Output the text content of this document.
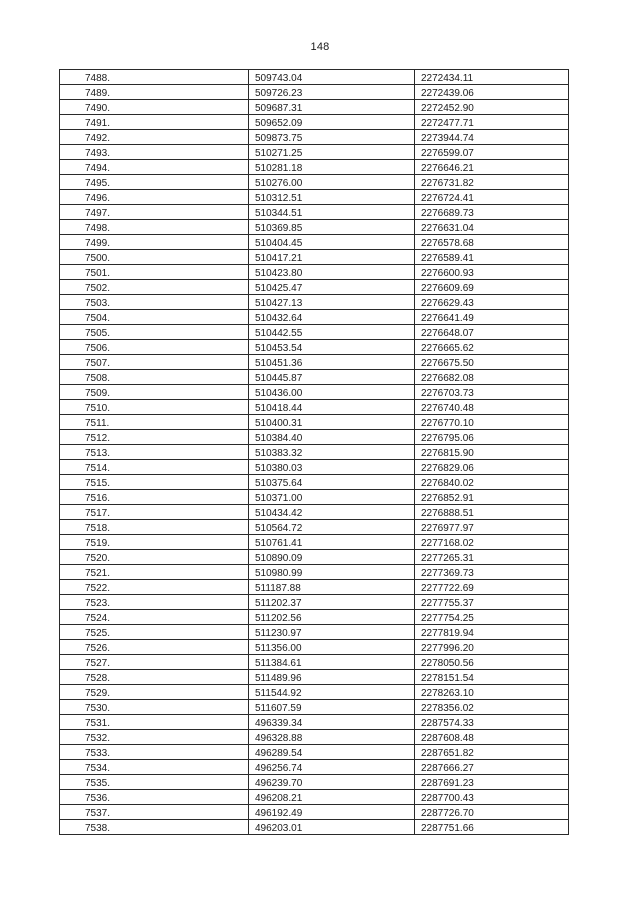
148
7488.	509743.04	2272434.11
7489.	509726.23	2272439.06
7490.	509687.31	2272452.90
7491.	509652.09	2272477.71
7492.	509873.75	2273944.74
7493.	510271.25	2276599.07
7494.	510281.18	2276646.21
7495.	510276.00	2276731.82
7496.	510312.51	2276724.41
7497.	510344.51	2276689.73
7498.	510369.85	2276631.04
7499.	510404.45	2276578.68
7500.	510417.21	2276589.41
7501.	510423.80	2276600.93
7502.	510425.47	2276609.69
7503.	510427.13	2276629.43
7504.	510432.64	2276641.49
7505.	510442.55	2276648.07
7506.	510453.54	2276665.62
7507.	510451.36	2276675.50
7508.	510445.87	2276682.08
7509.	510436.00	2276703.73
7510.	510418.44	2276740.48
7511.	510400.31	2276770.10
7512.	510384.40	2276795.06
7513.	510383.32	2276815.90
7514.	510380.03	2276829.06
7515.	510375.64	2276840.02
7516.	510371.00	2276852.91
7517.	510434.42	2276888.51
7518.	510564.72	2276977.97
7519.	510761.41	2277168.02
7520.	510890.09	2277265.31
7521.	510980.99	2277369.73
7522.	511187.88	2277722.69
7523.	511202.37	2277755.37
7524.	511202.56	2277754.25
7525.	511230.97	2277819.94
7526.	511356.00	2277996.20
7527.	511384.61	2278050.56
7528.	511489.96	2278151.54
7529.	511544.92	2278263.10
7530.	511607.59	2278356.02
7531.	496339.34	2287574.33
7532.	496328.88	2287608.48
7533.	496289.54	2287651.82
7534.	496256.74	2287666.27
7535.	496239.70	2287691.23
7536.	496208.21	2287700.43
7537.	496192.49	2287726.70
7538.	496203.01	2287751.66
